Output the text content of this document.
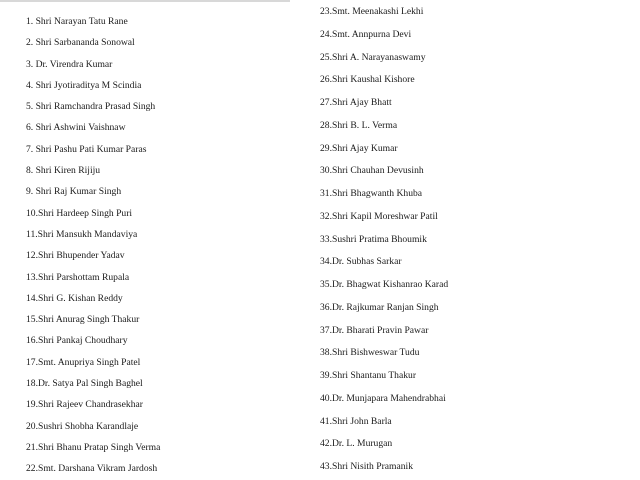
1. Shri Narayan Tatu Rane
2. Shri Sarbananda Sonowal
3. Dr. Virendra Kumar
4. Shri Jyotiraditya M Scindia
5. Shri Ramchandra Prasad Singh
6. Shri Ashwini Vaishnaw
7. Shri Pashu Pati Kumar Paras
8. Shri Kiren Rijiju
9. Shri Raj Kumar Singh
10.Shri Hardeep Singh Puri
11.Shri Mansukh Mandaviya
12.Shri Bhupender Yadav
13.Shri Parshottam Rupala
14.Shri G. Kishan Reddy
15.Shri Anurag Singh Thakur
16.Shri Pankaj Choudhary
17.Smt. Anupriya Singh Patel
18.Dr. Satya Pal Singh Baghel
19.Shri Rajeev Chandrasekhar
20.Sushri Shobha Karandlaje
21.Shri Bhanu Pratap Singh Verma
22.Smt. Darshana Vikram Jardosh
23.Smt. Meenakashi Lekhi
24.Smt. Annpurna Devi
25.Shri A. Narayanaswamy
26.Shri Kaushal Kishore
27.Shri Ajay Bhatt
28.Shri B. L. Verma
29.Shri Ajay Kumar
30.Shri Chauhan Devusinh
31.Shri Bhagwanth Khuba
32.Shri Kapil Moreshwar Patil
33.Sushri Pratima Bhoumik
34.Dr. Subhas Sarkar
35.Dr. Bhagwat Kishanrao Karad
36.Dr. Rajkumar Ranjan Singh
37.Dr. Bharati Pravin Pawar
38.Shri Bishweswar Tudu
39.Shri Shantanu Thakur
40.Dr. Munjapara Mahendrabhai
41.Shri John Barla
42.Dr. L. Murugan
43.Shri Nisith Pramanik
